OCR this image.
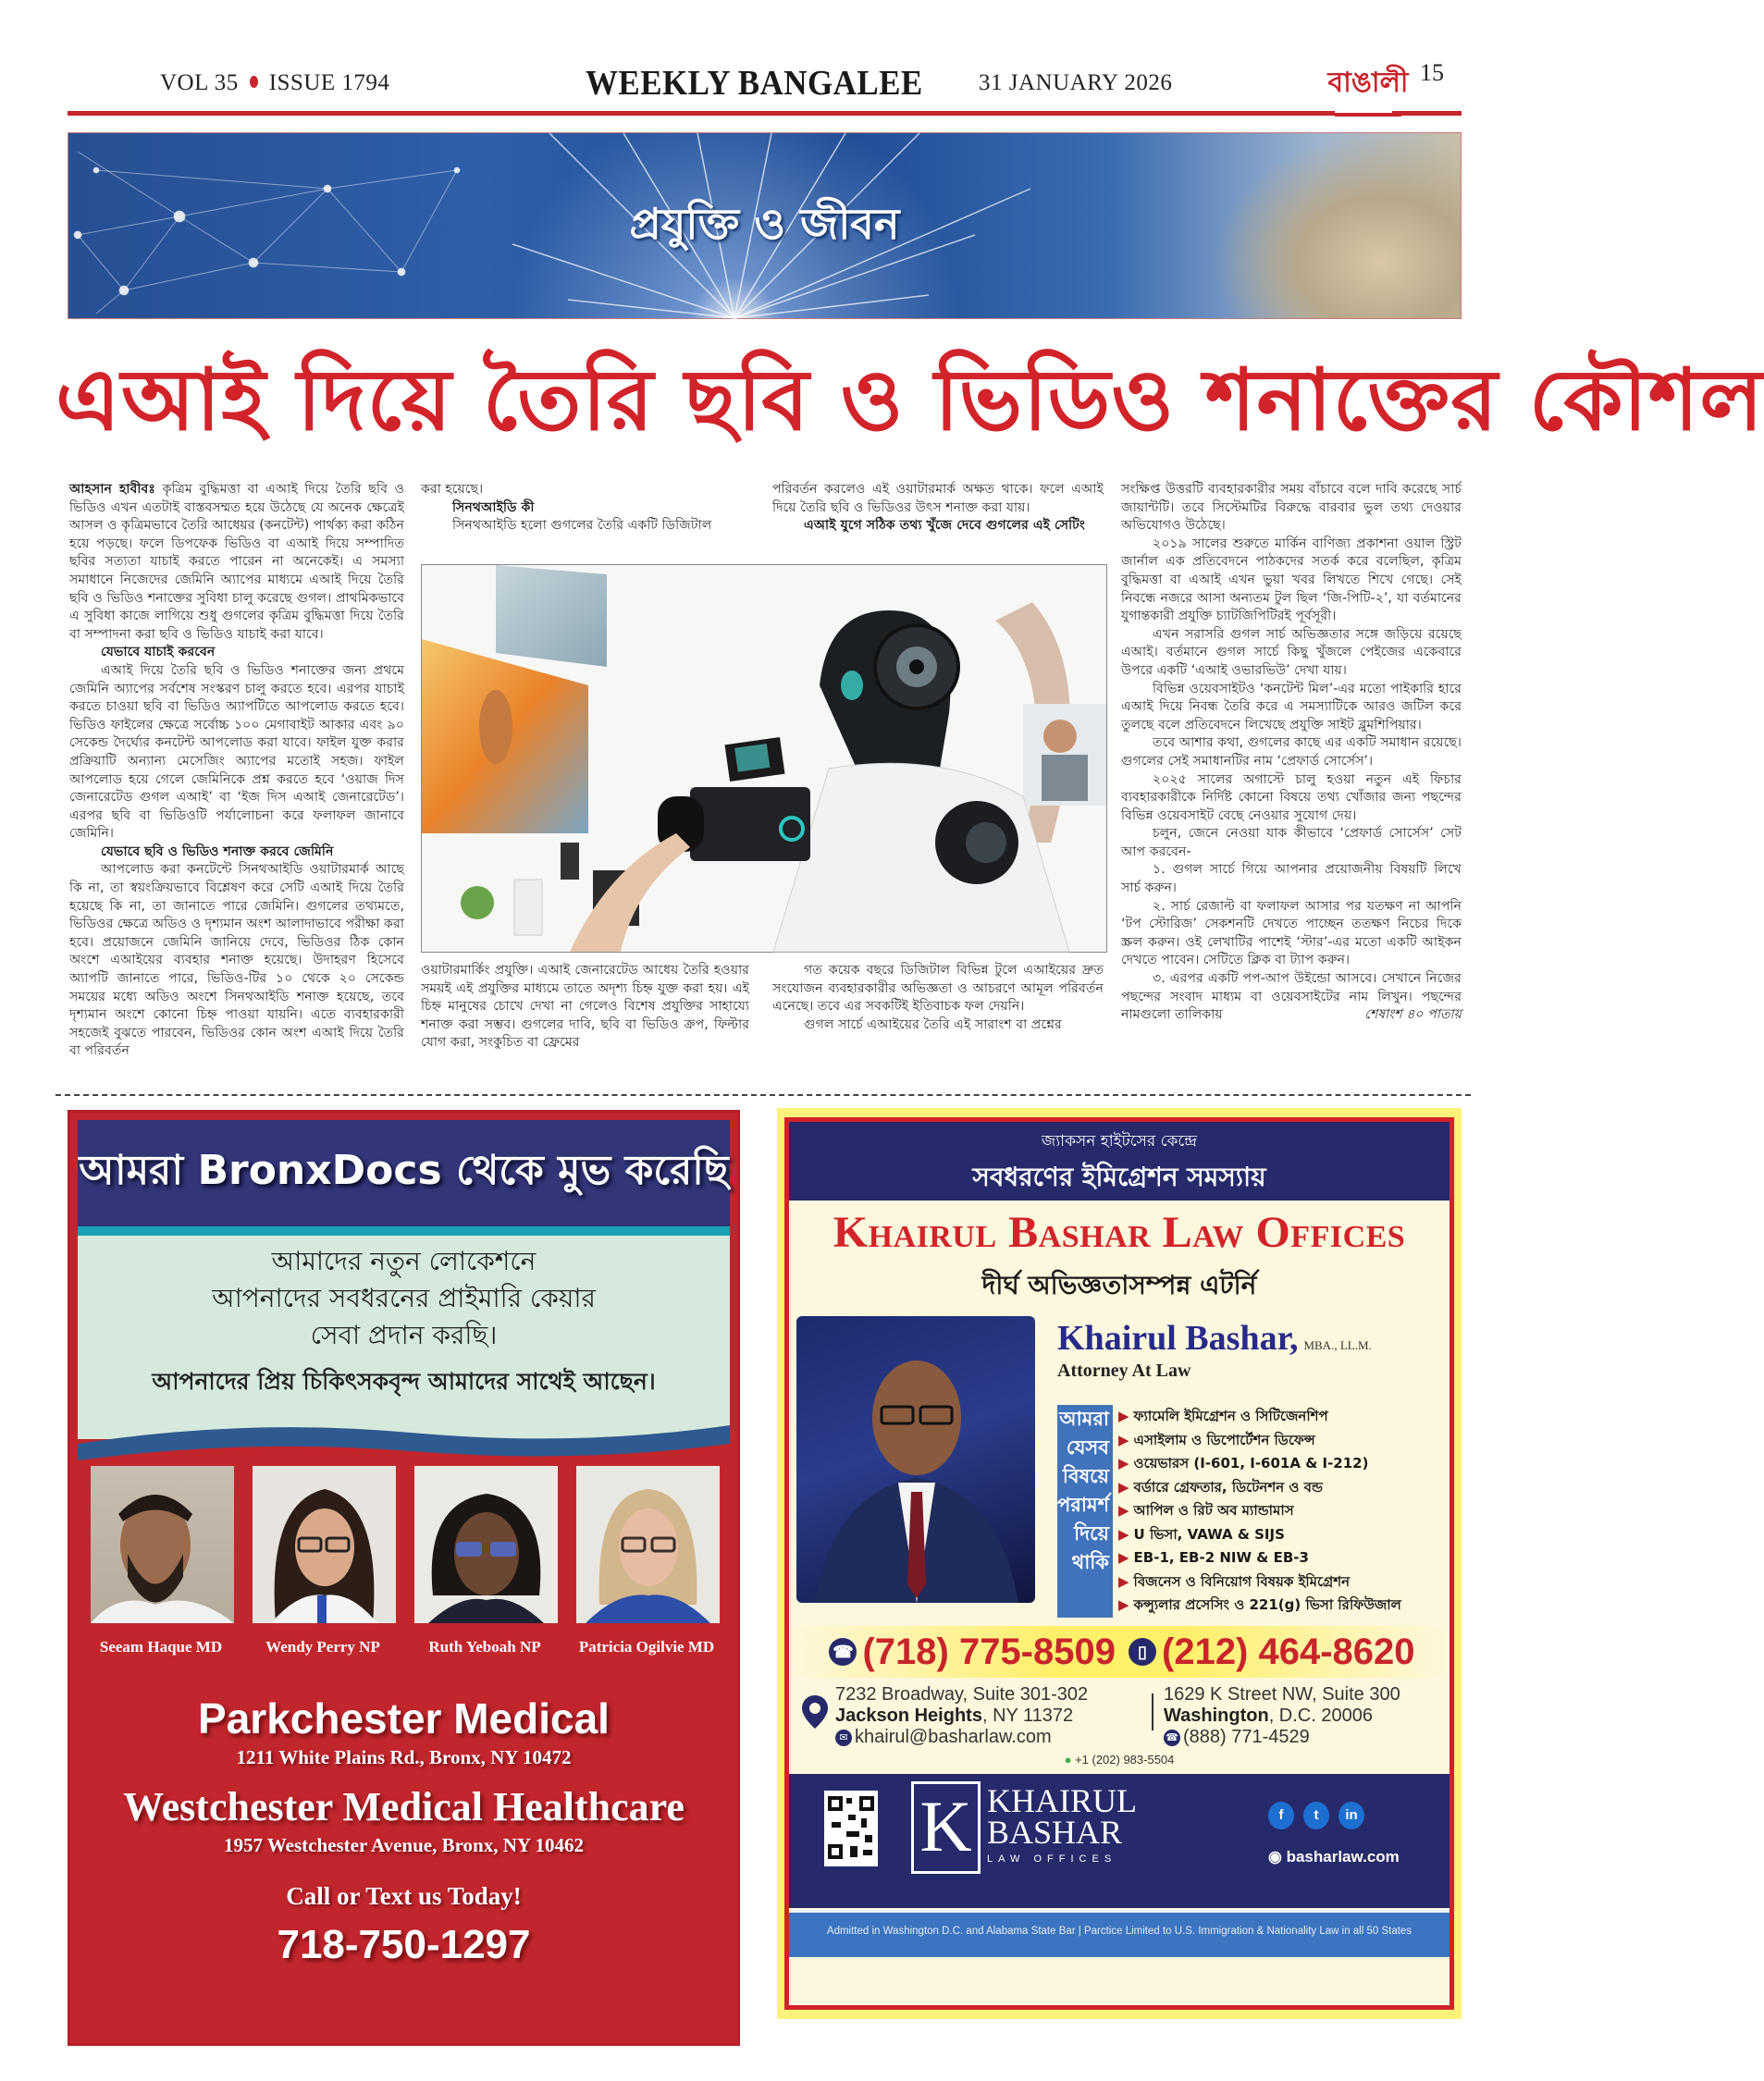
VOL 35 ISSUE 1794	WEEKLY BANGALEE 31 JANUARY 2026	বাঙালী 15
প্রযুক্তি ও জীবন
এআই দিয়ে তৈরি ছবি ও ভিডিও শনাক্তের কৌশল

আহসান হাবীবঃ কৃত্রিম বুদ্ধিমত্তা বা এআই দিয়ে তৈরি ছবি ও ভিডিও এখন এতটাই বাস্তবসম্মত হয়ে উঠেছে যে অনেক ক্ষেত্রেই আসল ও কৃত্রিমভাবে তৈরি আধেয়র (কনটেন্ট) পার্থক্য করা কঠিন হয়ে পড়ছে। ফলে ডিপফেক ভিডিও বা এআই দিয়ে সম্পাদিত ছবির সত্যতা যাচাই করতে পারেন না অনেকেই। এ সমস্যা সমাধানে নিজেদের জেমিনি অ্যাপের মাধ্যমে এআই দিয়ে তৈরি ছবি ও ভিডিও শনাক্তের সুবিধা চালু করেছে গুগল। প্রাথমিকভাবে এ সুবিধা কাজে লাগিয়ে শুধু গুগলের কৃত্রিম বুদ্ধিমত্তা দিয়ে তৈরি বা সম্পাদনা করা ছবি ও ভিডিও যাচাই করা যাবে।

যেভাবে যাচাই করবেন

এআই দিয়ে তৈরি ছবি ও ভিডিও শনাক্তের জন্য প্রথমে জেমিনি অ্যাপের সর্বশেষ সংস্করণ চালু করতে হবে। এরপর যাচাই করতে চাওয়া ছবি বা ভিডিও অ্যাপটিতে আপলোড করতে হবে। ভিডিও ফাইলের ক্ষেত্রে সর্বোচ্চ ১০০ মেগাবাইট আকার এবং ৯০ সেকেন্ড দৈর্ঘ্যের কনটেন্ট আপলোড করা যাবে। ফাইল যুক্ত করার প্রক্রিয়াটি অন্যান্য মেসেজিং অ্যাপের মতোই সহজ। ফাইল আপলোড হয়ে গেলে জেমিনিকে প্রশ্ন করতে হবে ‘ওয়াজ দিস জেনারেটেড গুগল এআই’ বা ‘ইজ দিস এআই জেনারেটেড’। এরপর ছবি বা ভিডিওটি পর্যালোচনা করে ফলাফল জানাবে জেমিনি।

যেভাবে ছবি ও ভিডিও শনাক্ত করবে জেমিনি

আপলোড করা কনটেন্টে সিনথআইডি ওয়াটারমার্ক আছে কি না, তা স্বয়ংক্রিয়ভাবে বিশ্লেষণ করে সেটি এআই দিয়ে তৈরি হয়েছে কি না, তা জানাতে পারে জেমিনি। গুগলের তথ্যমতে, ভিডিওর ক্ষেত্রে অডিও ও দৃশ্যমান অংশ আলাদাভাবে পরীক্ষা করা হবে। প্রয়োজনে জেমিনি জানিয়ে দেবে, ভিডিওর ঠিক কোন অংশে এআইয়ের ব্যবহার শনাক্ত হয়েছে। উদাহরণ হিসেবে অ্যাপটি জানাতে পারে, ভিডিও-টির ১০ থেকে ২০ সেকেন্ড সময়ের মধ্যে অডিও অংশে সিনথআইডি শনাক্ত হয়েছে, তবে দৃশ্যমান অংশে কোনো চিহ্ন পাওয়া যায়নি। এতে ব্যবহারকারী সহজেই বুঝতে পারবেন, ভিডিওর কোন অংশ এআই দিয়ে তৈরি বা পরিবর্তন

করা হয়েছে।

সিনথআইডি কী

সিনথআইডি হলো গুগলের তৈরি একটি ডিজিটাল

পরিবর্তন করলেও এই ওয়াটারমার্ক অক্ষত থাকে। ফলে এআই দিয়ে তৈরি ছবি ও ভিডিওর উৎস শনাক্ত করা যায়।

এআই যুগে সঠিক তথ্য খুঁজে দেবে গুগলের এই সেটিং

ওয়াটারমার্কিং প্রযুক্তি। এআই জেনারেটেড আধেয় তৈরি হওয়ার সময়ই এই প্রযুক্তির মাধ্যমে তাতে অদৃশ্য চিহ্ন যুক্ত করা হয়। এই চিহ্ন মানুষের চোখে দেখা না গেলেও বিশেষ প্রযুক্তির সাহায্যে শনাক্ত করা সম্ভব। গুগলের দাবি, ছবি বা ভিডিও ক্রপ, ফিল্টার যোগ করা, সংকুচিত বা ফ্রেমের

গত কয়েক বছরে ডিজিটাল বিভিন্ন টুলে এআইয়ের দ্রুত সংযোজন ব্যবহারকারীর অভিজ্ঞতা ও আচরণে আমূল পরিবর্তন এনেছে। তবে এর সবকটিই ইতিবাচক ফল দেয়নি।

গুগল সার্চে এআইয়ের তৈরি এই সারাংশ বা প্রশ্নের

সংক্ষিপ্ত উত্তরটি ব্যবহারকারীর সময় বাঁচাবে বলে দাবি করেছে সার্চ জায়ান্টটি। তবে সিস্টেমটির বিরুদ্ধে বারবার ভুল তথ্য দেওয়ার অভিযোগও উঠেছে।

২০১৯ সালের শুরুতে মার্কিন বাণিজ্য প্রকাশনা ওয়াল স্ট্রিট জার্নাল এক প্রতিবেদনে পাঠকদের সতর্ক করে বলেছিল, কৃত্রিম বুদ্ধিমত্তা বা এআই এখন ভুয়া খবর লিখতে শিখে গেছে। সেই নিবন্ধে নজরে আসা অন্যতম টুল ছিল ‘জি-পিটি-২’, যা বর্তমানের যুগান্তকারী প্রযুক্তি চ্যাটজিপিটিরই পূর্বসূরী।

এখন সরাসরি গুগল সার্চ অভিজ্ঞতার সঙ্গে জড়িয়ে রয়েছে এআই। বর্তমানে গুগল সার্চে কিছু খুঁজলে পেইজের একেবারে উপরে একটি ‘এআই ওভারভিউ’ দেখা যায়।

বিভিন্ন ওয়েবসাইটও ‘কনটেন্ট মিল’-এর মতো পাইকারি হারে এআই দিয়ে নিবন্ধ তৈরি করে এ সমস্যাটিকে আরও জটিল করে তুলছে বলে প্রতিবেদনে লিখেছে প্রযুক্তি সাইট ব্লুমশিপিয়ার।

তবে আশার কথা, গুগলের কাছে এর একটি সমাধান রয়েছে। গুগলের সেই সমাধানটির নাম ‘প্রেফার্ড সোর্সেস’।

২০২৫ সালের অগাস্টে চালু হওয়া নতুন এই ফিচার ব্যবহারকারীকে নির্দিষ্ট কোনো বিষয়ে তথ্য খোঁজার জন্য পছন্দের বিভিন্ন ওয়েবসাইট বেছে নেওয়ার সুযোগ দেয়।

চলুন, জেনে নেওয়া যাক কীভাবে ‘প্রেফার্ড সোর্সেস’ সেট আপ করবেন-

১. গুগল সার্চে গিয়ে আপনার প্রয়োজনীয় বিষয়টি লিখে সার্চ করুন।

২. সার্চ রেজাল্ট বা ফলাফল আসার পর যতক্ষণ না আপনি ‘টপ স্টোরিজ’ সেকশনটি দেখতে পাচ্ছেন ততক্ষণ নিচের দিকে স্ক্রল করুন। ওই লেখাটির পাশেই ‘স্টার’-এর মতো একটি আইকন দেখতে পাবেন। সেটিতে ক্লিক বা ট্যাপ করুন।

৩. এরপর একটি পপ-আপ উইন্ডো আসবে। সেখানে নিজের পছন্দের সংবাদ মাধ্যম বা ওয়েবসাইটের নাম লিখুন। পছন্দের নামগুলো তালিকায়	শেষাংশ ৪০ পাতায়

আমরা BronxDocs থেকে মুভ করেছি
আমাদের নতুন লোকেশনে
আপনাদের সবধরনের প্রাইমারি কেয়ার
সেবা প্রদান করছি।
আপনাদের প্রিয় চিকিৎসকবৃন্দ আমাদের সাথেই আছেন।
Seeam Haque MD	Wendy Perry NP	Ruth Yeboah NP	Patricia Ogilvie MD
Parkchester Medical
1211 White Plains Rd., Bronx, NY 10472
Westchester Medical Healthcare
1957 Westchester Avenue, Bronx, NY 10462
Call or Text us Today!
718-750-1297
জ্যাকসন হাইটসের কেন্দ্রে
সবধরণের ইমিগ্রেশন সমস্যায়
Khairul Bashar Law Offices
দীর্ঘ অভিজ্ঞতাসম্পন্ন এটর্নি
Khairul Bashar, MBA., LL.M.
Attorney At Law
আমরা
যেসব
বিষয়ে
পরামর্শ
দিয়ে
থাকি
▶ ফ্যামেলি ইমিগ্রেশন ও সিটিজেনশিপ
▶ এসাইলাম ও ডিপোর্টেশন ডিফেন্স
▶ ওয়েভারস (I-601, I-601A & I-212)
▶ বর্ডারে গ্রেফতার, ডিটেনশন ও বন্ড
▶ আপিল ও রিট অব ম্যান্ডামাস
▶ U ভিসা, VAWA & SIJS
▶ EB-1, EB-2 NIW & EB-3
▶ বিজনেস ও বিনিয়োগ বিষয়ক ইমিগ্রেশন
▶ কন্স্যুলার প্রসেসিং ও 221(g) ভিসা রিফিউজাল
☎ (718) 775-8509	▯ (212) 464-8620
7232 Broadway, Suite 301-302
Jackson Heights, NY 11372
✉ khairul@basharlaw.com
1629 K Street NW, Suite 300
Washington, D.C. 20006
☎ (888) 771-4529
● +1 (202) 983-5504
K KHAIRUL
BASHAR
LAW OFFICES
f	t	in
◉ basharlaw.com
Admitted in Washington D.C. and Alabama State Bar | Parctice Limited to U.S. Immigration & Nationality Law in all 50 States
